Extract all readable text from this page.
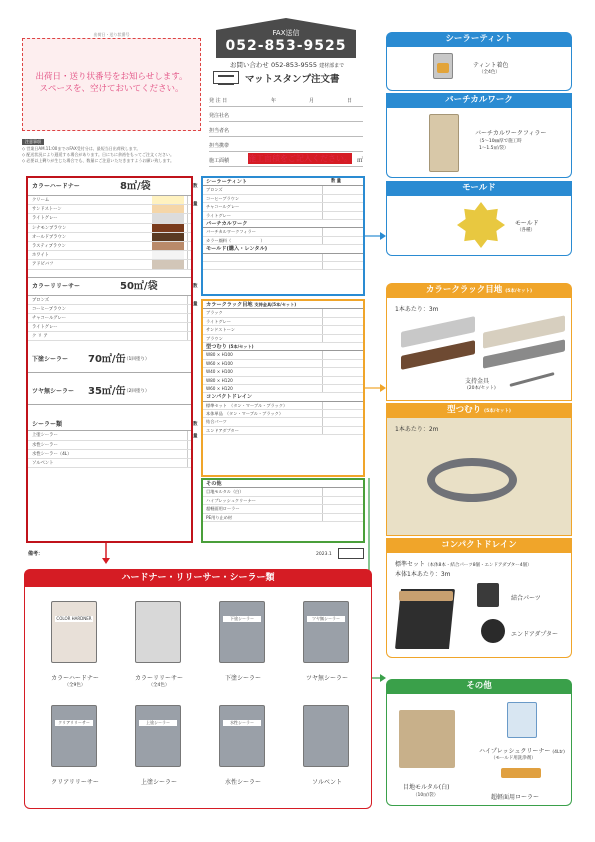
出荷日・送り状番号
出荷日・送り状番号をお知らせします。
スペースを、空けておいてください。
注意事項
◇ 営業日AM.11:00までのFAX受付分は、最短当日出荷致します。
◇ 配送状況により遅延する場合があります。日にちに余裕をもってご注文ください。
◇ 必要以上剰りが生じた場合でも、数量にご注意いただきますようお願い致します。
FAX送信
052-853-9525
お問い合わせ 052-853-9555 建材部まで
マットスタンプ注文書
発 注 日	年	月	日
発注社名
担当者名
担当携帯
施工面積 施工面積をご記入ください。 ㎡
カラーハードナー	8㎡/袋	数 量
クリーム
サンドストーン
ライトグレー
シナモンブラウン
オールドブラウン
ラスティブラウン
ホワイト
アドビバフ
カラーリリーサー	50㎡/袋	数 量
ブロンズ
コーヒーブラウン
チャコールグレー
ライトグレー
ク リ ア
下塗シーラー 70㎡/缶
（1回塗り）
ツヤ無シーラー 35㎡/缶
（2回塗り）
シーラー類	数 量
上塗シーラー
水性シーラー
水性シーラー（4L）
ソルベント
シーラーティント	数 量
ブロンズ
コーヒーブラウン
チャコールグレー
ライトグレー
バーチカルワーク
バーチカルワークフィラー
カラー顔料（　　　　　　　）
モールド(購入・レンタル)
カラークラック目地 支持金具(5本/セット)
ブラック
ライトグレー
サンドストーン
ブラウン
型つむり (5本/セット)
W80 × H100
W60 × H100
W40 × H100
W80 × H120
W60 × H120
コンパクトドレイン
標準セット　（タン・マーブル・ブラック）
本体単品　（タン・マーブル・ブラック）
結合パーツ
エンドアダプター
その他
目地モルタル（白）
ハイプレッシュクリーナー
超軽面用ローラー
PE用り止め材
備考：	2023.1
シーラーティント
ティント着色
（全4色）
バーチカルワーク
バーチカルワークフィラー
（5〜10㎜厚で施工時
1〜1.5㎡/袋）
モールド
モールド
（各種）
カラークラック目地 (5本/セット)
1本あたり：3m
支持金具
(20本/セット)
型つむり (5本/セット)
1本あたり：2m
コンパクトドレイン
標準セット（本体8本・結合パーツ8個・エンドアダプター4個）
本体1本あたり：3m
結合パーツ
エンドアダプター
その他
目地モルタル(白)
（10㎡/袋）
ハイプレッシュクリーナー (4Ltr)
（モールド用洗浄剤）
超軽面用ローラー
ハードナー・リリーサー・シーラー類
COLOR HARDNER
カラーハードナー
（全9色）
カラーリリーサー
（全4色）
下塗シーラー
下塗シーラー
ツヤ無シーラー
ツヤ無シーラー
クリアリリーサー
クリアリリーサー
上塗シーラー
上塗シーラー
水性シーラー
水性シーラー	ソルベント
